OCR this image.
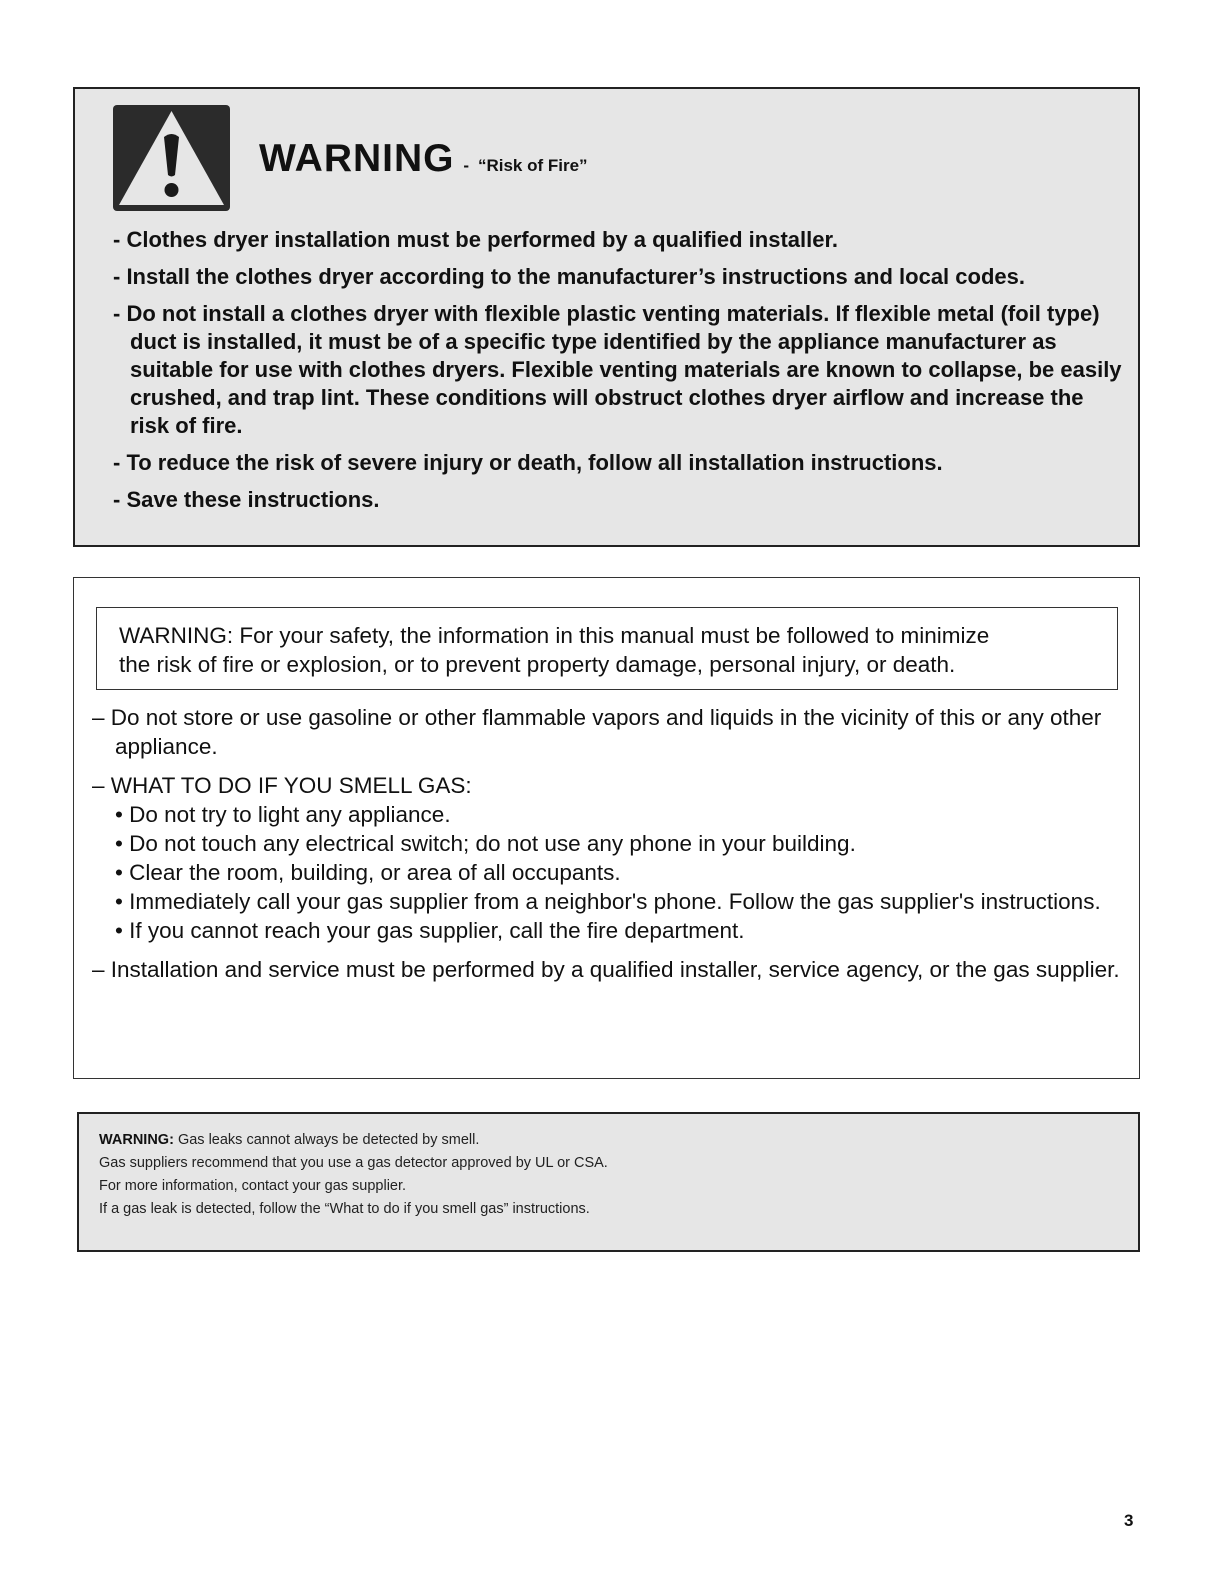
WARNING - “Risk of Fire”
- Clothes dryer installation must be performed by a qualified installer.
- Install the clothes dryer according to the manufacturer’s instructions and local codes.
- Do not install a clothes dryer with flexible plastic venting materials. If flexible metal (foil type) duct is installed, it must be of a specific type identified by the appliance manufacturer as suitable for use with clothes dryers. Flexible venting materials are known to collapse, be easily crushed, and trap lint. These conditions will obstruct clothes dryer airflow and increase the risk of fire.
- To reduce the risk of severe injury or death, follow all installation instructions.
- Save these instructions.

WARNING: For your safety, the information in this manual must be followed to minimize

the risk of fire or explosion, or to prevent property damage, personal injury, or death.

– Do not store or use gasoline or other flammable vapors and liquids in the vicinity of this or any other appliance.

– WHAT TO DO IF YOU SMELL GAS:

• Do not try to light any appliance.
• Do not touch any electrical switch; do not use any phone in your building.
• Clear the room, building, or area of all occupants.
• Immediately call your gas supplier from a neighbor's phone. Follow the gas supplier's instructions.
• If you cannot reach your gas supplier, call the fire department.

– Installation and service must be performed by a qualified installer, service agency, or the gas supplier.

WARNING: Gas leaks cannot always be detected by smell.

Gas suppliers recommend that you use a gas detector approved by UL or CSA.

For more information, contact your gas supplier.

If a gas leak is detected, follow the “What to do if you smell gas” instructions.

3
